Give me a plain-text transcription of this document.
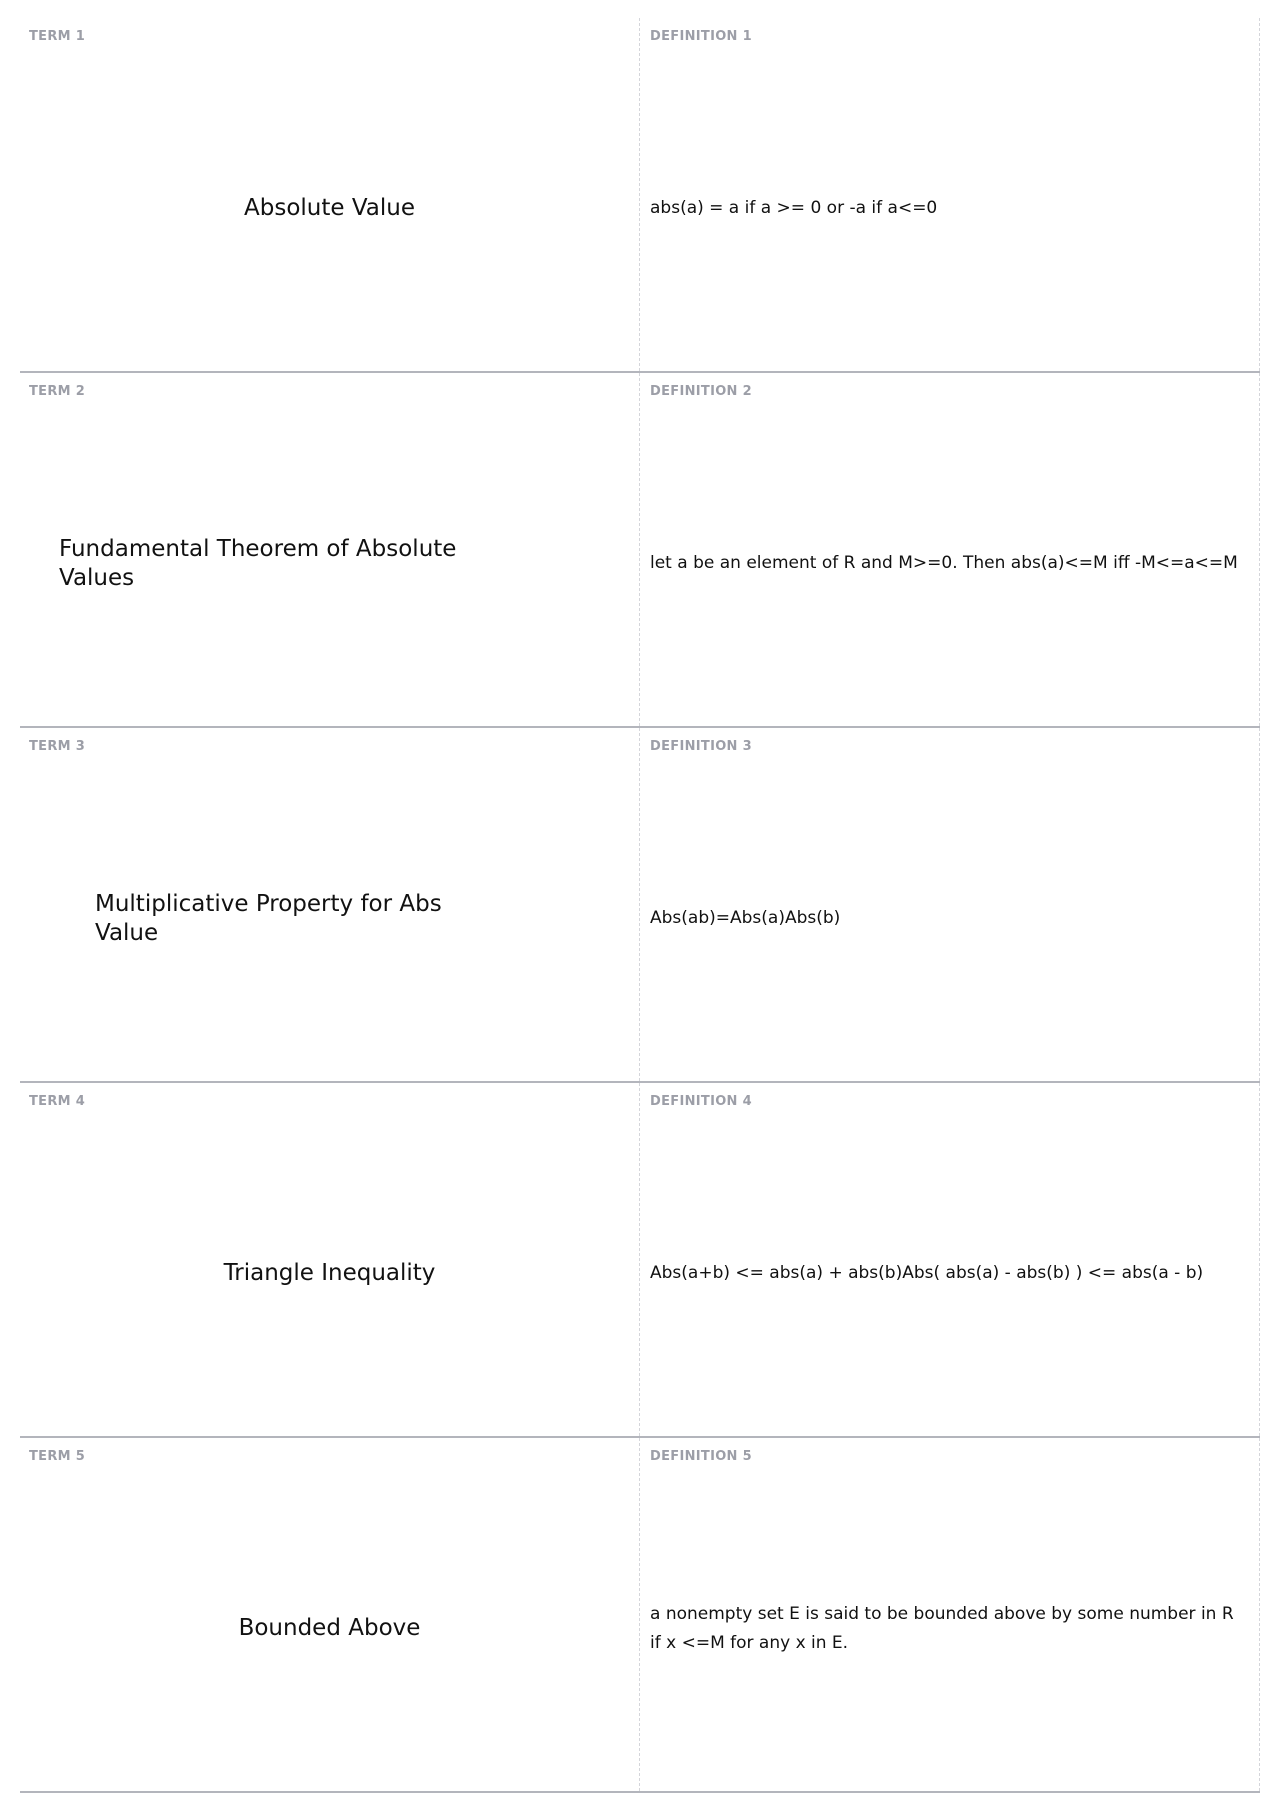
TERM 1
Absolute Value
DEFINITION 1
abs(a) = a if a >= 0 or -a if a<=0
TERM 2
Fundamental Theorem of Absolute Values
DEFINITION 2
let a be an element of R and M>=0. Then abs(a)<=M iff -M<=a<=M
TERM 3
Multiplicative Property for Abs Value
DEFINITION 3
Abs(ab)=Abs(a)Abs(b)
TERM 4
Triangle Inequality
DEFINITION 4
Abs(a+b) <= abs(a) + abs(b)Abs( abs(a) - abs(b) ) <= abs(a - b)
TERM 5
Bounded Above
DEFINITION 5
a nonempty set E is said to be bounded above by some number in R if x <=M for any x in E.
